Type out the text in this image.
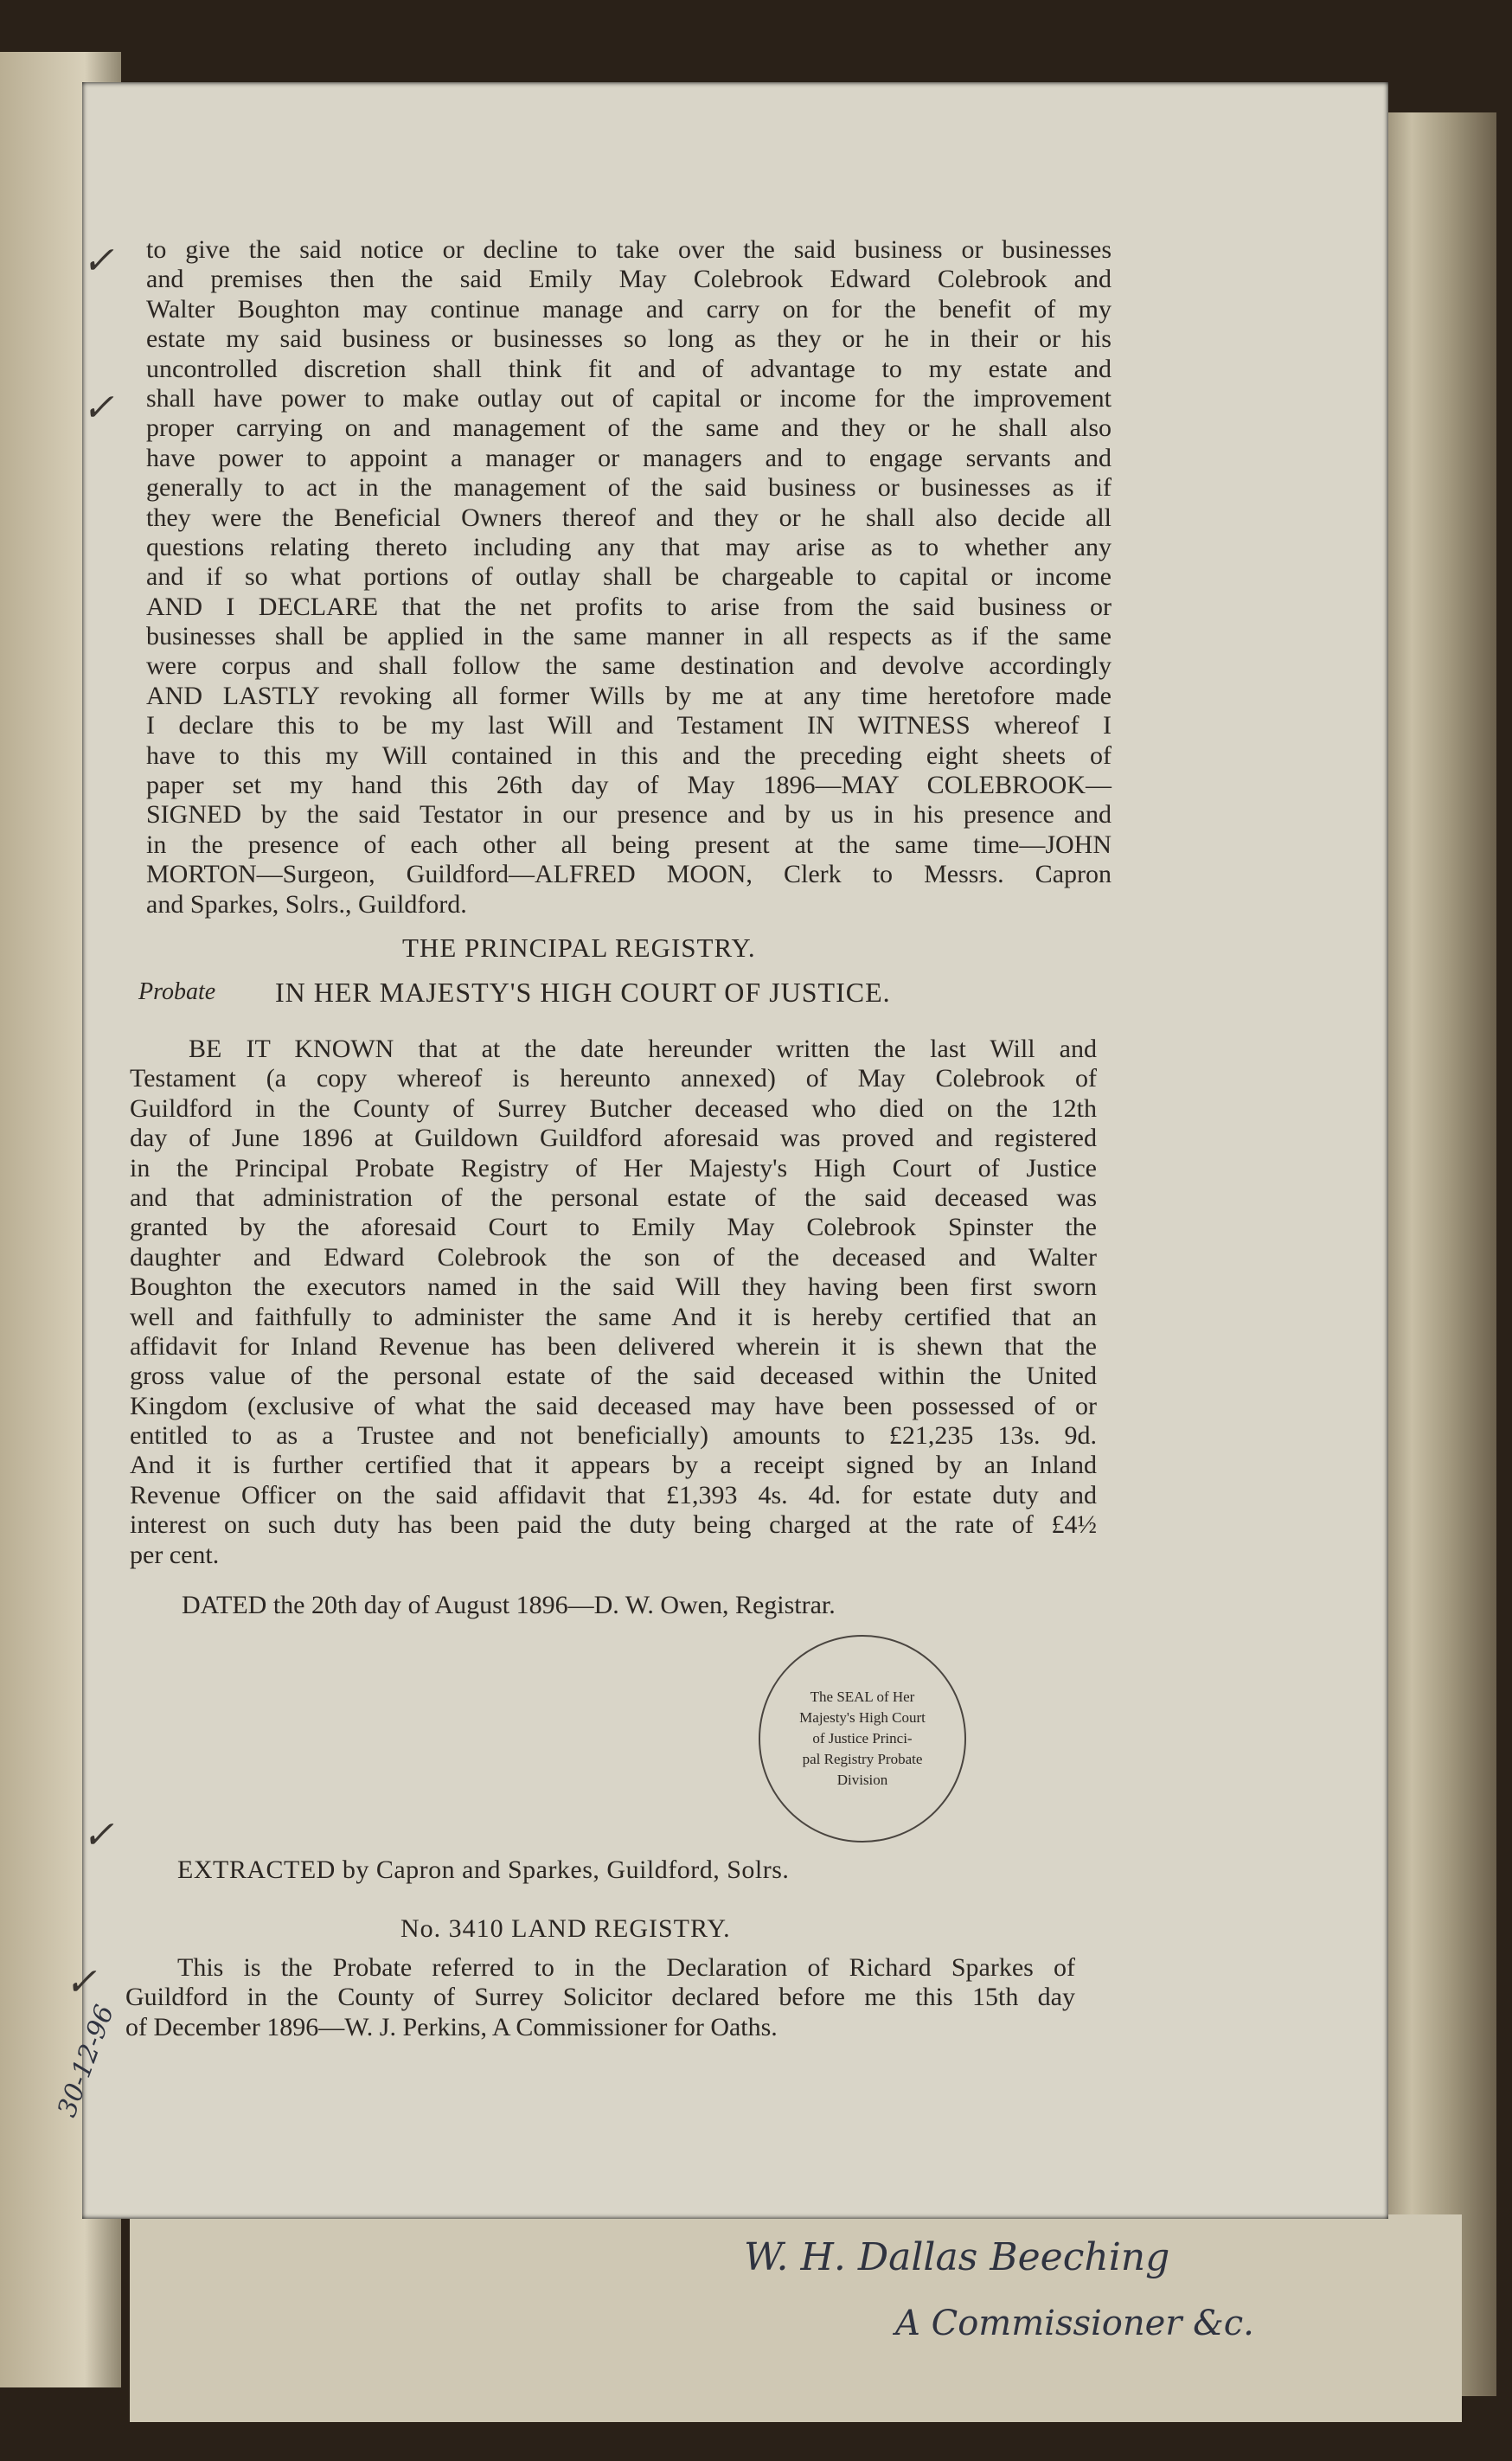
to give the said notice or decline to take over the said business or businesses
and premises then the said Emily May Colebrook Edward Colebrook and
Walter Boughton may continue manage and carry on for the benefit of my
estate my said business or businesses so long as they or he in their or his
uncontrolled discretion shall think fit and of advantage to my estate and
shall have power to make outlay out of capital or income for the improvement
proper carrying on and management of the same and they or he shall also
have power to appoint a manager or managers and to engage servants and
generally to act in the management of the said business or businesses as if
they were the Beneficial Owners thereof and they or he shall also decide all
questions relating thereto including any that may arise as to whether any
and if so what portions of outlay shall be chargeable to capital or income
AND I DECLARE that the net profits to arise from the said business or
businesses shall be applied in the same manner in all respects as if the same
were corpus and shall follow the same destination and devolve accordingly
AND LASTLY revoking all former Wills by me at any time heretofore made
I declare this to be my last Will and Testament IN WITNESS whereof I
have to this my Will contained in this and the preceding eight sheets of
paper set my hand this 26th day of May 1896—MAY COLEBROOK—
SIGNED by the said Testator in our presence and by us in his presence and
in the presence of each other all being present at the same time—JOHN
MORTON—Surgeon, Guildford—ALFRED MOON, Clerk to Messrs. Capron
and Sparkes, Solrs., Guildford.
THE PRINCIPAL REGISTRY.
Probate IN HER MAJESTY'S HIGH COURT OF JUSTICE.
BE IT KNOWN that at the date hereunder written the last Will and
Testament (a copy whereof is hereunto annexed) of May Colebrook of
Guildford in the County of Surrey Butcher deceased who died on the 12th
day of June 1896 at Guildown Guildford aforesaid was proved and registered
in the Principal Probate Registry of Her Majesty's High Court of Justice
and that administration of the personal estate of the said deceased was
granted by the aforesaid Court to Emily May Colebrook Spinster the
daughter and Edward Colebrook the son of the deceased and Walter
Boughton the executors named in the said Will they having been first sworn
well and faithfully to administer the same And it is hereby certified that an
affidavit for Inland Revenue has been delivered wherein it is shewn that the
gross value of the personal estate of the said deceased within the United
Kingdom (exclusive of what the said deceased may have been possessed of or
entitled to as a Trustee and not beneficially) amounts to £21,235 13s. 9d.
And it is further certified that it appears by a receipt signed by an Inland
Revenue Officer on the said affidavit that £1,393 4s. 4d. for estate duty and
interest on such duty has been paid the duty being charged at the rate of £4½
per cent.
DATED the 20th day of August 1896—D. W. Owen, Registrar.
The SEAL of Her
Majesty's High Court
of Justice Princi-
pal Registry Probate
Division
EXTRACTED by Capron and Sparkes, Guildford, Solrs.
No. 3410 LAND REGISTRY.
This is the Probate referred to in the Declaration of Richard Sparkes of
Guildford in the County of Surrey Solicitor declared before me this 15th day
of December 1896—W. J. Perkins, A Commissioner for Oaths.
W. H. Dallas Beeching
A Commissioner &c.
30-12-96
✓
✓
✓
✓
